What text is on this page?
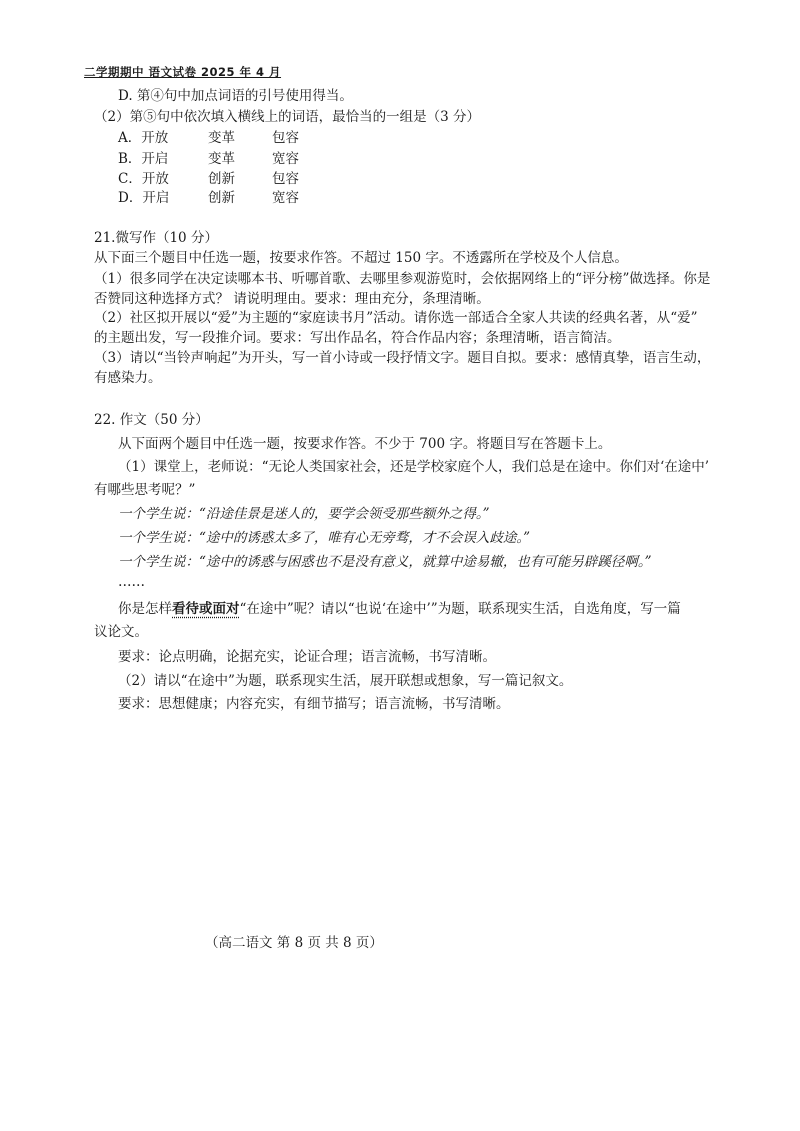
二学期期中 语文试卷 2025 年 4 月
D. 第④句中加点词语的引号使用得当。
（2）第⑤句中依次填入横线上的词语，最恰当的一组是（3 分）
A．开放	变革	包容
B．开启	变革	宽容
C．开放	创新	包容
D．开启	创新	宽容
21.微写作（10 分）
从下面三个题目中任选一题，按要求作答。不超过 150 字。不透露所在学校及个人信息。
（1）很多同学在决定读哪本书、听哪首歌、去哪里参观游览时，会依据网络上的“评分榜”做选择。你是
否赞同这种选择方式？ 请说明理由。要求：理由充分，条理清晰。
（2）社区拟开展以“爱”为主题的“家庭读书月”活动。请你选一部适合全家人共读的经典名著，从“爱”
的主题出发，写一段推介词。要求：写出作品名，符合作品内容；条理清晰，语言简洁。
（3）请以“当铃声响起”为开头，写一首小诗或一段抒情文字。题目自拟。要求：感情真挚，语言生动，
有感染力。
22. 作文（50 分）
从下面两个题目中任选一题，按要求作答。不少于 700 字。将题目写在答题卡上。
（1）课堂上，老师说：“无论人类国家社会，还是学校家庭个人，我们总是在途中。你们对‘在途中’
有哪些思考呢？”
一个学生说：“沿途佳景是迷人的，要学会领受那些额外之得。”
一个学生说：“途中的诱惑太多了，唯有心无旁骛，才不会误入歧途。”
一个学生说：“途中的诱惑与困惑也不是没有意义，就算中途易辙，也有可能另辟蹊径啊。”
……
你是怎样看待或面对“在途中”呢？请以“也说‘在途中’”为题，联系现实生活，自选角度，写一篇
议论文。
要求：论点明确，论据充实，论证合理；语言流畅，书写清晰。
（2）请以“在途中”为题，联系现实生活，展开联想或想象，写一篇记叙文。
要求：思想健康；内容充实，有细节描写；语言流畅，书写清晰。
（高二语文 第 8 页 共 8 页）
